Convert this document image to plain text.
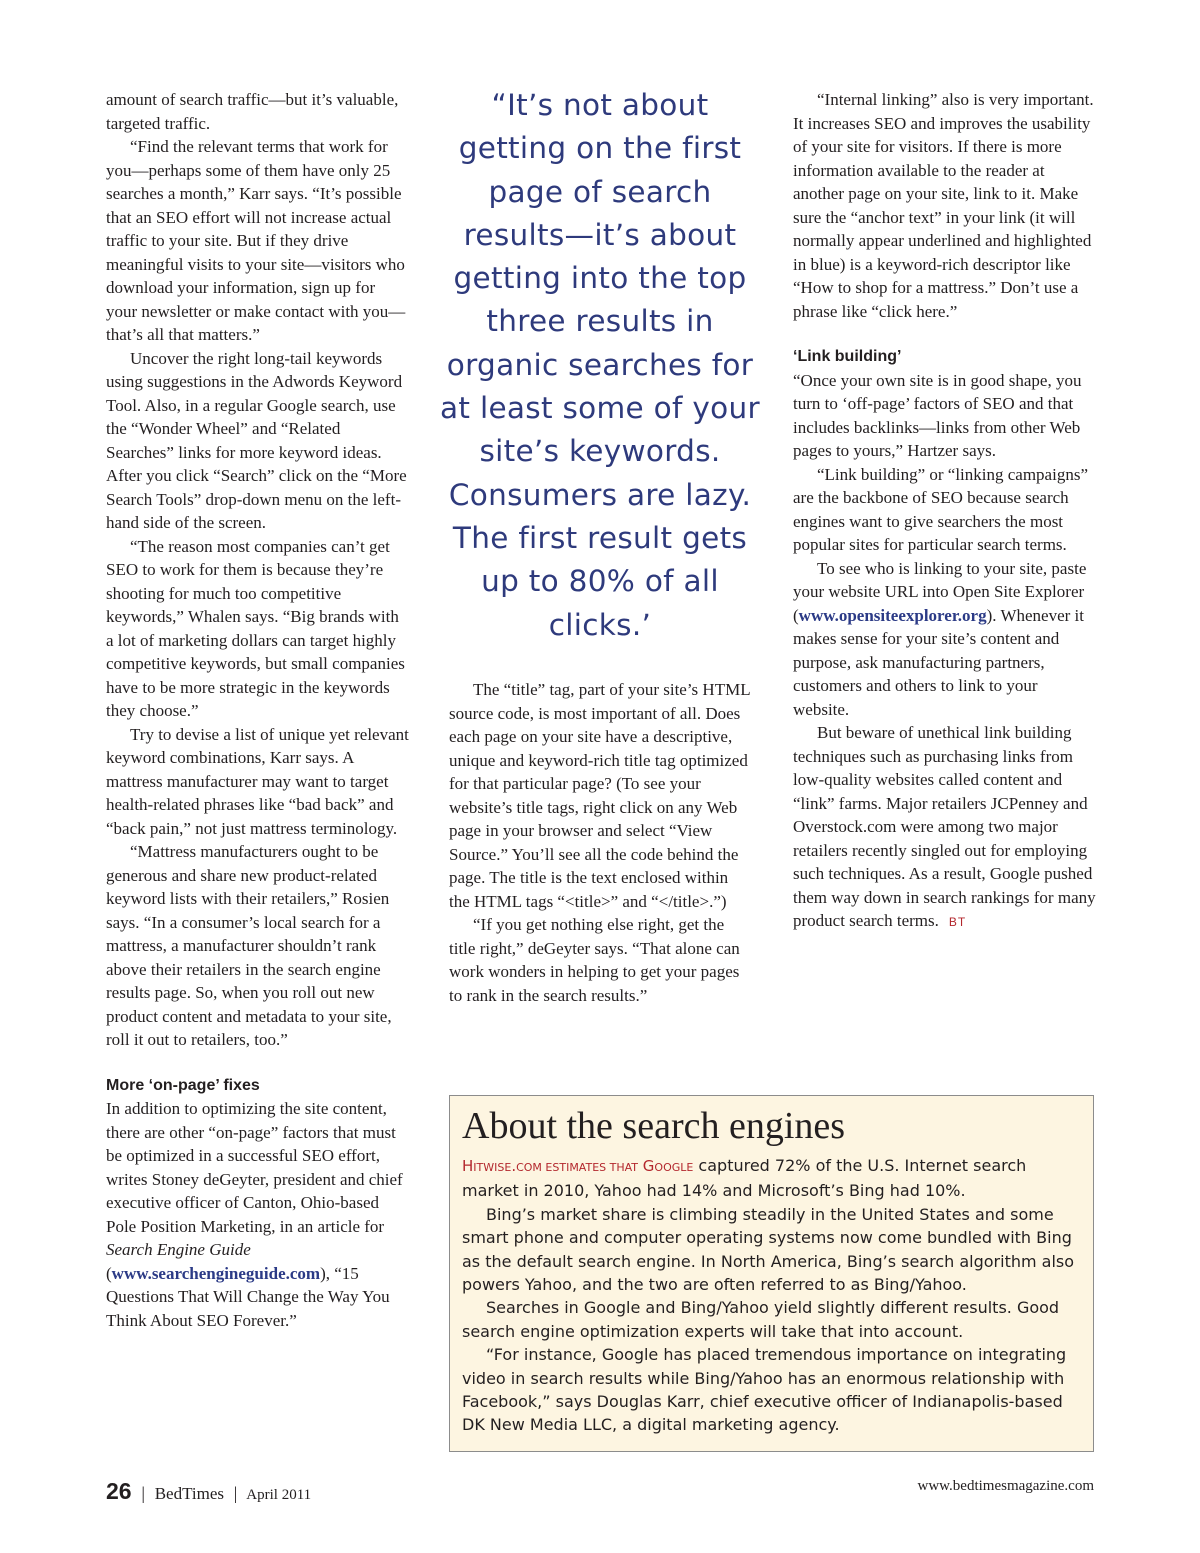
amount of search traffic—but it’s valuable, targeted traffic.

“Find the relevant terms that work for you—perhaps some of them have only 25 searches a month,” Karr says. “It’s possible that an SEO effort will not increase actual traffic to your site. But if they drive meaningful visits to your site—visitors who download your information, sign up for your newsletter or make contact with you—that’s all that matters.”

Uncover the right long-tail keywords using suggestions in the Adwords Keyword Tool. Also, in a regular Google search, use the “Wonder Wheel” and “Related Searches” links for more keyword ideas. After you click “Search” click on the “More Search Tools” drop-down menu on the left-hand side of the screen.

“The reason most companies can’t get SEO to work for them is because they’re shooting for much too competitive keywords,” Whalen says. “Big brands with a lot of marketing dollars can target highly competitive keywords, but small companies have to be more strategic in the keywords they choose.”

Try to devise a list of unique yet relevant keyword combinations, Karr says. A mattress manufacturer may want to target health-related phrases like “bad back” and “back pain,” not just mattress terminology.

“Mattress manufacturers ought to be generous and share new product-related keyword lists with their retailers,” Rosien says. “In a consumer’s local search for a mattress, a manufacturer shouldn’t rank above their retailers in the search engine results page. So, when you roll out new product content and metadata to your site, roll it out to retailers, too.”

More ‘on-page’ fixes

In addition to optimizing the site content, there are other “on-page” factors that must be optimized in a successful SEO effort, writes Stoney deGeyter, president and chief executive officer of Canton, Ohio-based Pole Position Marketing, in an article for Search Engine Guide (www.searchengineguide.com), “15 Questions That Will Change the Way You Think About SEO Forever.”

“It’s not about getting on the first page of search results—it’s about getting into the top three results in organic searches for at least some of your site’s keywords. Consumers are lazy. The first result gets up to 80% of all clicks.’

The “title” tag, part of your site’s HTML source code, is most important of all. Does each page on your site have a descriptive, unique and keyword-rich title tag optimized for that particular page? (To see your website’s title tags, right click on any Web page in your browser and select “View Source.” You’ll see all the code behind the page. The title is the text enclosed within the HTML tags “<title>” and “</title>.”)

“If you get nothing else right, get the title right,” deGeyter says. “That alone can work wonders in helping to get your pages to rank in the search results.”

“Internal linking” also is very important. It increases SEO and improves the usability of your site for visitors. If there is more information available to the reader at another page on your site, link to it. Make sure the “anchor text” in your link (it will normally appear underlined and highlighted in blue) is a keyword-rich descriptor like “How to shop for a mattress.” Don’t use a phrase like “click here.”

‘Link building’

“Once your own site is in good shape, you turn to ‘off-page’ factors of SEO and that includes backlinks—links from other Web pages to yours,” Hartzer says.

“Link building” or “linking campaigns” are the backbone of SEO because search engines want to give searchers the most popular sites for particular search terms.

To see who is linking to your site, paste your website URL into Open Site Explorer (www.opensiteexplorer.org). Whenever it makes sense for your site’s content and purpose, ask manufacturing partners, customers and others to link to your website.

But beware of unethical link building techniques such as purchasing links from low-quality websites called content and “link” farms. Major retailers JCPenney and Overstock.com were among two major retailers recently singled out for employing such techniques. As a result, Google pushed them way down in search rankings for many product search terms. BT

About the search engines

HITWISE.COM ESTIMATES THAT GOOGLE captured 72% of the U.S. Internet search market in 2010, Yahoo had 14% and Microsoft’s Bing had 10%.

Bing’s market share is climbing steadily in the United States and some smart phone and computer operating systems now come bundled with Bing as the default search engine. In North America, Bing’s search algorithm also powers Yahoo, and the two are often referred to as Bing/Yahoo.

Searches in Google and Bing/Yahoo yield slightly different results. Good search engine optimization experts will take that into account.

“For instance, Google has placed tremendous importance on integrating video in search results while Bing/Yahoo has an enormous relationship with Facebook,” says Douglas Karr, chief executive officer of Indianapolis-based DK New Media LLC, a digital marketing agency.

26 | BedTimes | April 2011
www.bedtimesmagazine.com
